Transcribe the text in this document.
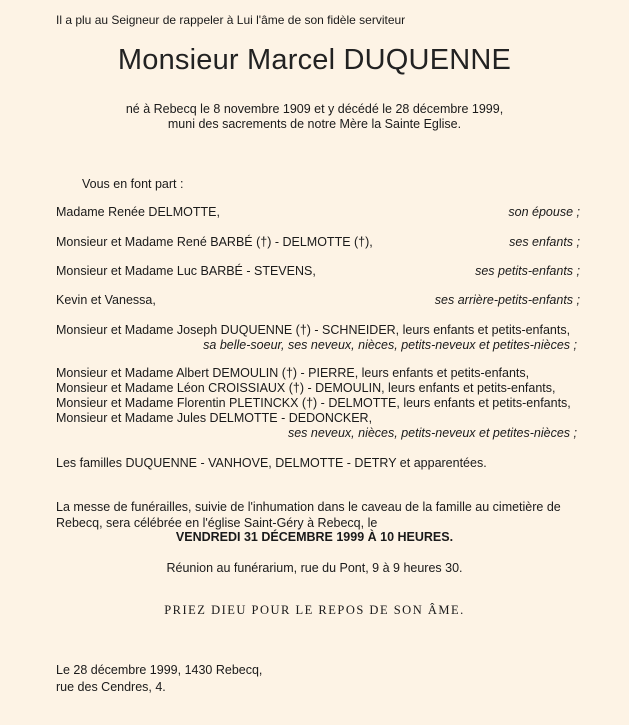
Il a plu au Seigneur de rappeler à Lui l'âme de son fidèle serviteur
Monsieur Marcel DUQUENNE
né à Rebecq le 8 novembre 1909 et y décédé le 28 décembre 1999,
muni des sacrements de notre Mère la Sainte Eglise.
Vous en font part :
Madame Renée DELMOTTE,	son épouse ;
Monsieur et Madame René BARBÉ (†) - DELMOTTE (†),	ses enfants ;
Monsieur et Madame Luc BARBÉ - STEVENS,	ses petits-enfants ;
Kevin et Vanessa,	ses arrière-petits-enfants ;
Monsieur et Madame Joseph DUQUENNE (†) - SCHNEIDER, leurs enfants et petits-enfants,
sa belle-soeur, ses neveux, nièces, petits-neveux et petites-nièces ;
Monsieur et Madame Albert DEMOULIN (†) - PIERRE, leurs enfants et petits-enfants,
Monsieur et Madame Léon CROISSIAUX (†) - DEMOULIN, leurs enfants et petits-enfants,
Monsieur et Madame Florentin PLETINCKX (†) - DELMOTTE, leurs enfants et petits-enfants,
Monsieur et Madame Jules DELMOTTE - DEDONCKER,
ses neveux, nièces, petits-neveux et petites-nièces ;
Les familles DUQUENNE - VANHOVE, DELMOTTE - DETRY et apparentées.
La messe de funérailles, suivie de l'inhumation dans le caveau de la famille au cimetière de
Rebecq, sera célébrée en l'église Saint-Géry à Rebecq, le
VENDREDI 31 DÉCEMBRE 1999 À 10 HEURES.
Réunion au funérarium, rue du Pont, 9 à 9 heures 30.
PRIEZ DIEU POUR LE REPOS DE SON ÂME.
Le 28 décembre 1999, 1430 Rebecq,
rue des Cendres, 4.
